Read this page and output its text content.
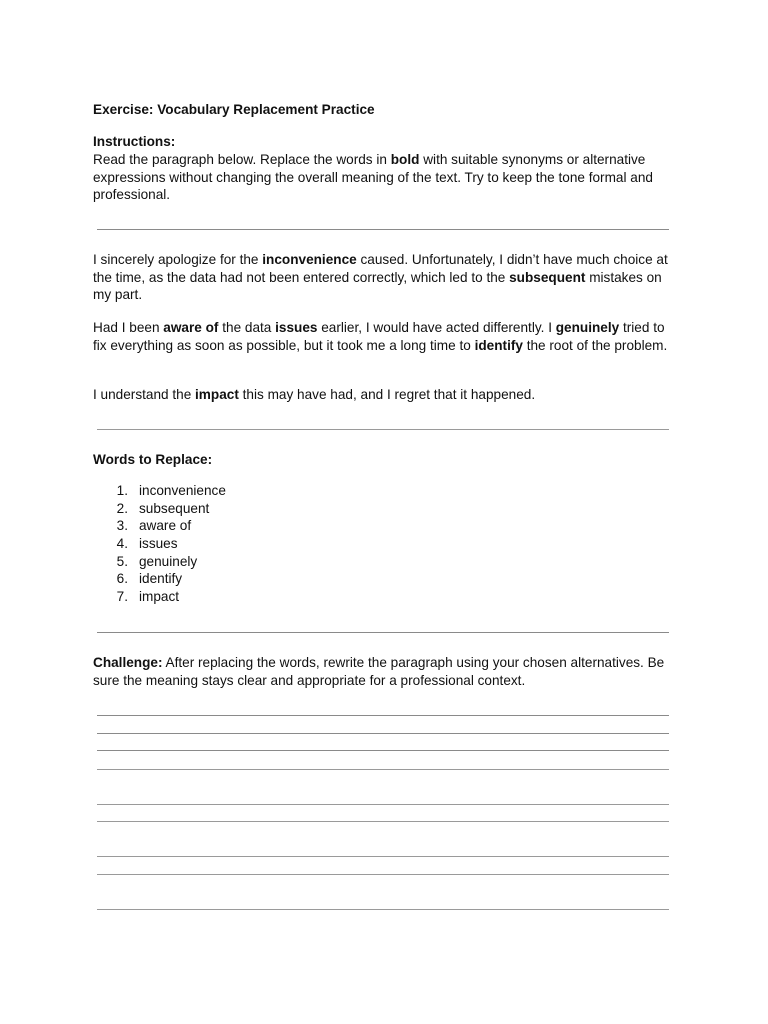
Exercise: Vocabulary Replacement Practice

Instructions:

Read the paragraph below. Replace the words in bold with suitable synonyms or alternative expressions without changing the overall meaning of the text. Try to keep the tone formal and professional.

I sincerely apologize for the inconvenience caused. Unfortunately, I didn’t have much choice at the time, as the data had not been entered correctly, which led to the subsequent mistakes on my part.

Had I been aware of the data issues earlier, I would have acted differently. I genuinely tried to fix everything as soon as possible, but it took me a long time to identify the root of the problem.

I understand the impact this may have had, and I regret that it happened.

Words to Replace:

1. inconvenience
2. subsequent
3. aware of
4. issues
5. genuinely
6. identify
7. impact

Challenge: After replacing the words, rewrite the paragraph using your chosen alternatives. Be sure the meaning stays clear and appropriate for a professional context.
